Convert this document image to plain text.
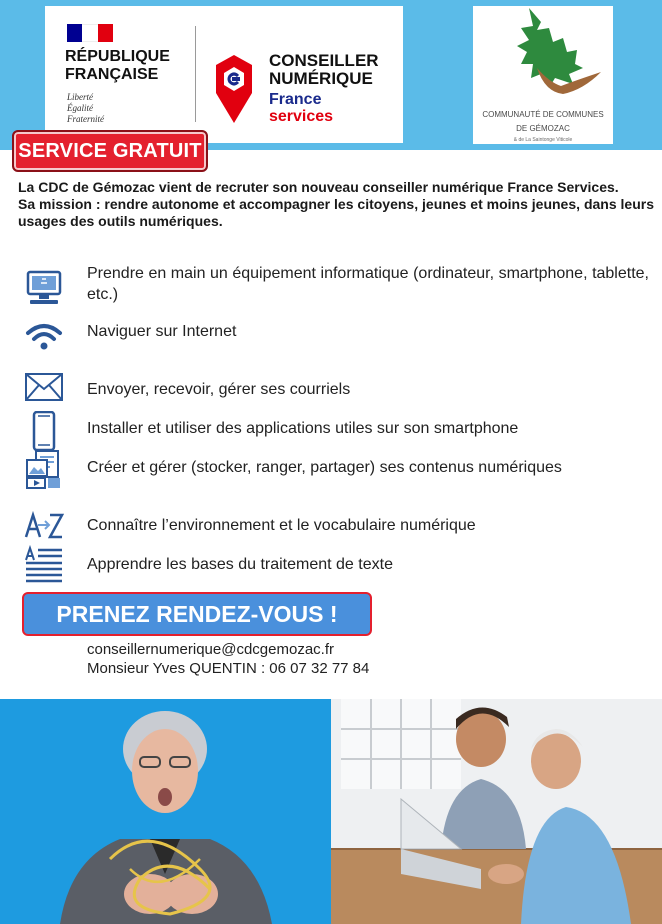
RÉPUBLIQUE
FRANÇAISE
Liberté
Égalité
Fraternité
CONSEILLER
NUMÉRIQUE
France
services	COMMUNAUTÉ DE COMMUNES
DE GÉMOZAC
& de La Saintonge Viticole
SERVICE GRATUIT

La CDC de Gémozac vient de recruter son nouveau conseiller numérique France Services.

Sa mission : rendre autonome et accompagner les citoyens, jeunes et moins jeunes, dans leurs usages des outils numériques.

Prendre en main un équipement informatique (ordinateur, smartphone, tablette, etc.)
Naviguer sur Internet
Envoyer, recevoir, gérer ses courriels
Installer et utiliser des applications utiles sur son smartphone
Créer et gérer (stocker, ranger, partager) ses contenus numériques
Connaître l’environnement et le vocabulaire numérique
Apprendre les bases du traitement de texte
PRENEZ RENDEZ-VOUS !
conseillernumerique@cdcgemozac.fr
Monsieur Yves QUENTIN : 06 07 32 77 84
